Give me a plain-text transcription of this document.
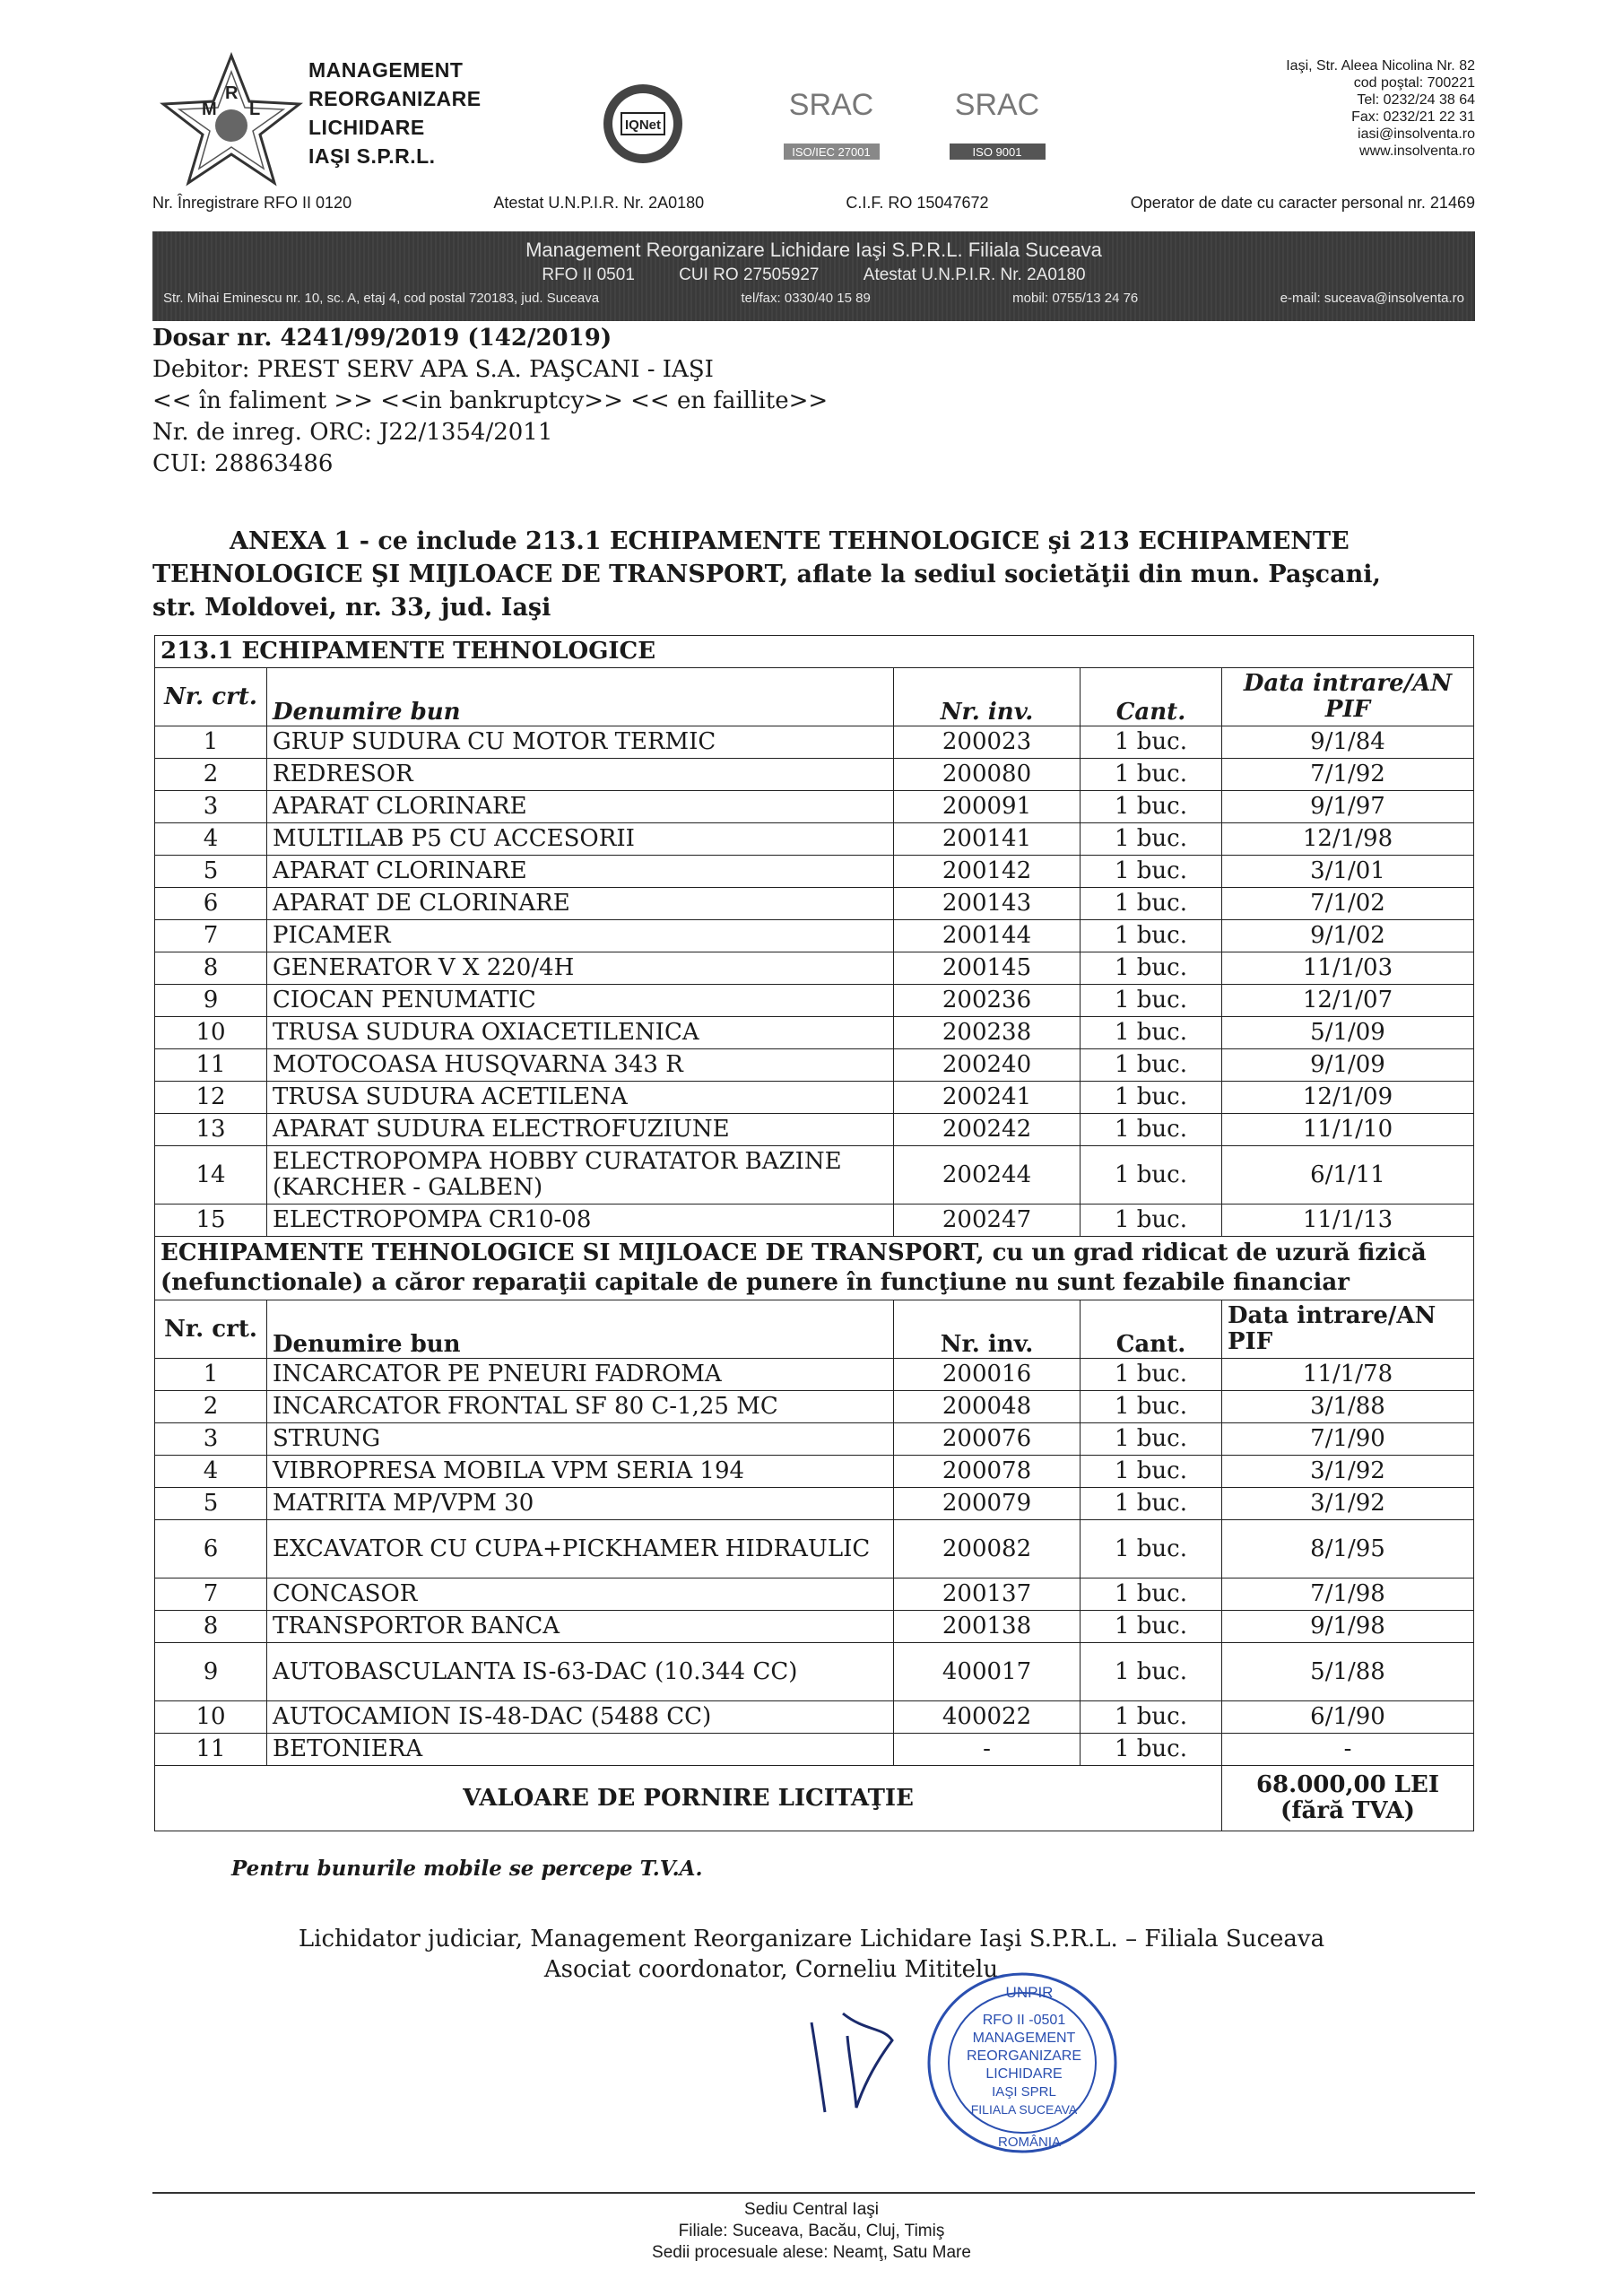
M
R
L
MANAGEMENT
REORGANIZARE
LICHIDARE
IAŞI S.P.R.L.
IQNet
SRAC
ISO/IEC 27001
SRAC
ISO 9001
Iaşi, Str. Aleea Nicolina Nr. 82
cod poştal: 700221
Tel: 0232/24 38 64
Fax: 0232/21 22 31
iasi@insolventa.ro
www.insolventa.ro
Nr. Înregistrare RFO II 0120	Atestat U.N.P.I.R. Nr. 2A0180	C.I.F. RO 15047672	Operator de date cu caracter personal nr. 21469
Management Reorganizare Lichidare Iaşi S.P.R.L. Filiala Suceava
RFO II 0501	CUI RO 27505927	Atestat U.N.P.I.R. Nr. 2A0180
Str. Mihai Eminescu nr. 10, sc. A, etaj 4, cod postal 720183, jud. Suceava	tel/fax: 0330/40 15 89	mobil: 0755/13 24 76	e-mail: suceava@insolventa.ro
Dosar nr. 4241/99/2019 (142/2019)
Debitor: PREST SERV APA S.A. PAŞCANI - IAŞI
<< în faliment >> <<in bankruptcy>> << en faillite>>
Nr. de inreg. ORC: J22/1354/2011
CUI: 28863486
ANEXA 1 - ce include 213.1 ECHIPAMENTE TEHNOLOGICE şi 213 ECHIPAMENTE
TEHNOLOGICE ŞI MIJLOACE DE TRANSPORT, aflate la sediul societăţii din mun. Paşcani,
str. Moldovei, nr. 33, jud. Iaşi
213.1 ECHIPAMENTE TEHNOLOGICE				
Nr. crt.	Denumire bun	Nr. inv.	Cant.	Data intrare/AN PIF
1	GRUP SUDURA CU MOTOR TERMIC	200023	1 buc.	9/1/84
2	REDRESOR	200080	1 buc.	7/1/92
3	APARAT CLORINARE	200091	1 buc.	9/1/97
4	MULTILAB P5 CU ACCESORII	200141	1 buc.	12/1/98
5	APARAT CLORINARE	200142	1 buc.	3/1/01
6	APARAT DE CLORINARE	200143	1 buc.	7/1/02
7	PICAMER	200144	1 buc.	9/1/02
8	GENERATOR V X 220/4H	200145	1 buc.	11/1/03
9	CIOCAN PENUMATIC	200236	1 buc.	12/1/07
10	TRUSA SUDURA OXIACETILENICA	200238	1 buc.	5/1/09
11	MOTOCOASA HUSQVARNA 343 R	200240	1 buc.	9/1/09
12	TRUSA SUDURA ACETILENA	200241	1 buc.	12/1/09
13	APARAT SUDURA ELECTROFUZIUNE	200242	1 buc.	11/1/10
14	ELECTROPOMPA HOBBY CURATATOR BAZINE (KARCHER - GALBEN)	200244	1 buc.	6/1/11
15	ELECTROPOMPA CR10-08	200247	1 buc.	11/1/13
ECHIPAMENTE TEHNOLOGICE SI MIJLOACE DE TRANSPORT, cu un grad ridicat de uzură fizică (nefunctionale) a căror reparaţii capitale de punere în funcţiune nu sunt fezabile financiar				
Nr. crt.	Denumire bun	Nr. inv.	Cant.	Data intrare/AN PIF
1	INCARCATOR PE PNEURI FADROMA	200016	1 buc.	11/1/78
2	INCARCATOR FRONTAL SF 80 C-1,25 MC	200048	1 buc.	3/1/88
3	STRUNG	200076	1 buc.	7/1/90
4	VIBROPRESA MOBILA VPM SERIA 194	200078	1 buc.	3/1/92
5	MATRITA MP/VPM 30	200079	1 buc.	3/1/92
6	EXCAVATOR CU CUPA+PICKHAMER HIDRAULIC	200082	1 buc.	8/1/95
7	CONCASOR	200137	1 buc.	7/1/98
8	TRANSPORTOR BANCA	200138	1 buc.	9/1/98
9	AUTOBASCULANTA IS-63-DAC (10.344 CC)	400017	1 buc.	5/1/88
10	AUTOCAMION IS-48-DAC (5488 CC)	400022	1 buc.	6/1/90
11	BETONIERA	-	1 buc.	-
VALOARE DE PORNIRE LICITAŢIE				68.000,00 LEI
(fără TVA)
Pentru bunurile mobile se percepe T.V.A.
Lichidator judiciar, Management Reorganizare Lichidare Iaşi S.P.R.L. – Filiala Suceava
Asociat coordonator, Corneliu Mititelu
UNPIR
RFO II -0501
MANAGEMENT
REORGANIZARE
LICHIDARE
IAŞI SPRL
FILIALA SUCEAVA
ROMÂNIA
Sediu Central Iaşi
Filiale: Suceava, Bacău, Cluj, Timiş
Sedii procesuale alese: Neamţ, Satu Mare
